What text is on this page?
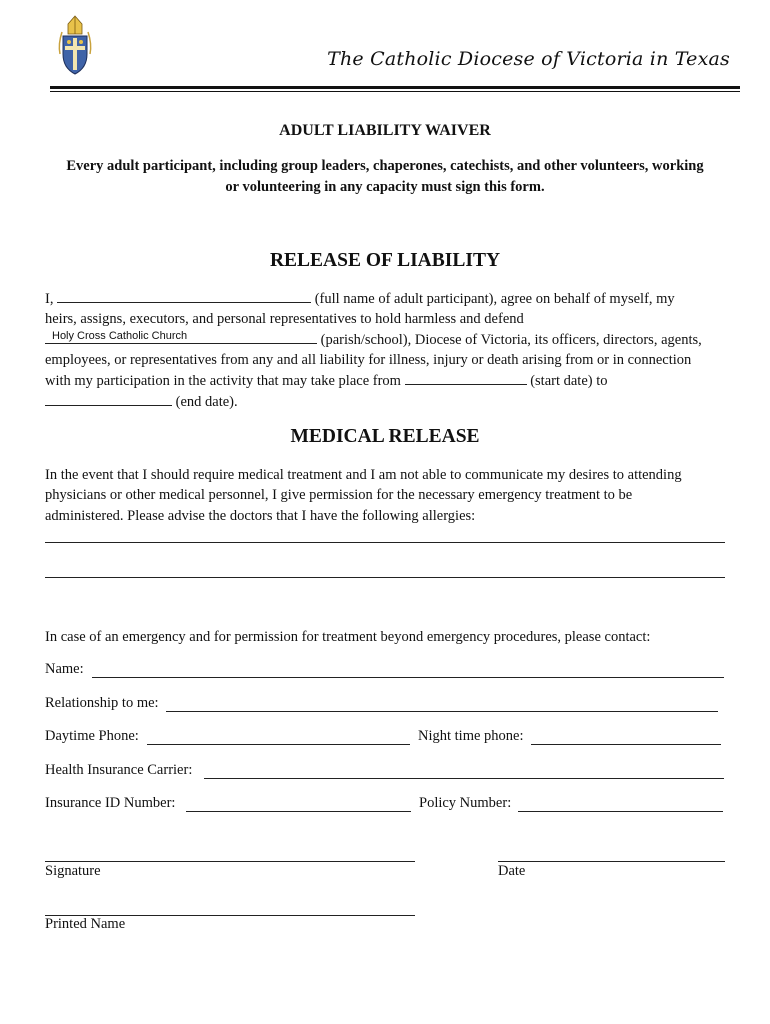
The Catholic Diocese of Victoria in Texas
ADULT LIABILITY WAIVER
Every adult participant, including group leaders, chaperones, catechists, and other volunteers, working
or volunteering in any capacity must sign this form.
RELEASE OF LIABILITY
I,	(full name of adult participant), agree on behalf of myself, my
heirs, assigns, executors, and personal representatives to hold harmless and defend
Holy Cross Catholic Church	(parish/school), Diocese of Victoria, its officers, directors, agents,
employees, or representatives from any and all liability for illness, injury or death arising from or in connection
with my participation in the activity that may take place from	(start date) to
(end date).
MEDICAL RELEASE
In the event that I should require medical treatment and I am not able to communicate my desires to attending
physicians or other medical personnel, I give permission for the necessary emergency treatment to be
administered. Please advise the doctors that I have the following allergies:
In case of an emergency and for permission for treatment beyond emergency procedures, please contact:
Name:
Relationship to me:
Daytime Phone:	Night time phone:
Health Insurance Carrier:
Insurance ID Number:	Policy Number:
Signature	Date
Printed Name
